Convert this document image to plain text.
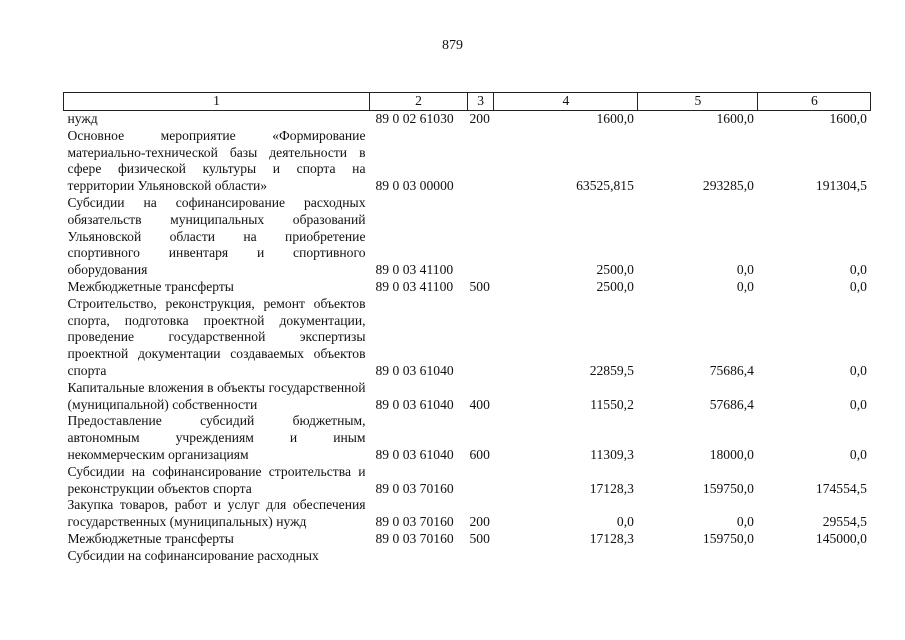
879
1	2	3	4	5	6
нужд	89 0 02 61030	200	1600,0	1600,0	1600,0
Основное мероприятие «Формирование материально-технической базы деятельности в сфере физической культуры и спорта на территории Ульяновской области»	89 0 03 00000		63525,815	293285,0	191304,5
Субсидии на софинансирование расходных обязательств муниципальных образований Ульяновской области на приобретение спортивного инвентаря и спортивного оборудования	89 0 03 41100		2500,0	0,0	0,0
Межбюджетные трансферты	89 0 03 41100	500	2500,0	0,0	0,0
Строительство, реконструкция, ремонт объектов спорта, подготовка проектной документации, проведение государственной экспертизы проектной документации создаваемых объектов спорта	89 0 03 61040		22859,5	75686,4	0,0
Капитальные вложения в объекты государственной (муниципальной) собственности	89 0 03 61040	400	11550,2	57686,4	0,0
Предоставление субсидий бюджетным, автономным учреждениям и иным некоммерческим организациям	89 0 03 61040	600	11309,3	18000,0	0,0
Субсидии на софинансирование строительства и реконструкции объектов спорта	89 0 03 70160		17128,3	159750,0	174554,5
Закупка товаров, работ и услуг для обеспечения государственных (муниципальных) нужд	89 0 03 70160	200	0,0	0,0	29554,5
Межбюджетные трансферты	89 0 03 70160	500	17128,3	159750,0	145000,0
Субсидии на софинансирование расходных					
